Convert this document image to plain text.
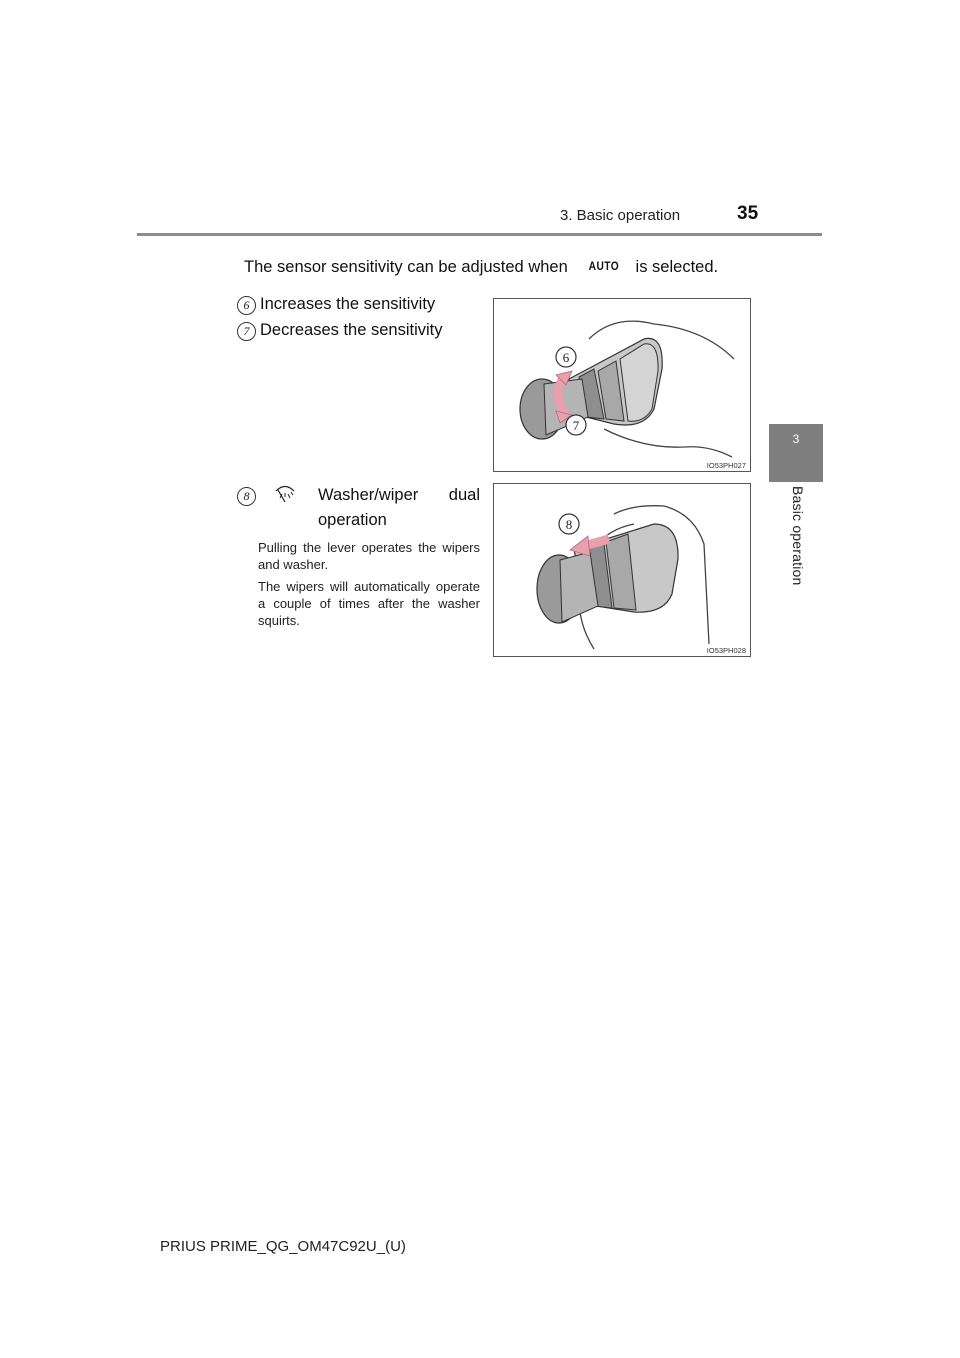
3. Basic operation	35
3
Basic operation
The sensor sensitivity can be adjusted when AUTO is selected.
6 Increases the sensitivity
7 Decreases the sensitivity
8	Washer/wiper dual
operation
Pulling the lever operates the wipers and washer.
The wipers will automatically operate a couple of times after the washer squirts.
6
7
IO53PH027
8
IO53PH028
PRIUS PRIME_QG_OM47C92U_(U)
